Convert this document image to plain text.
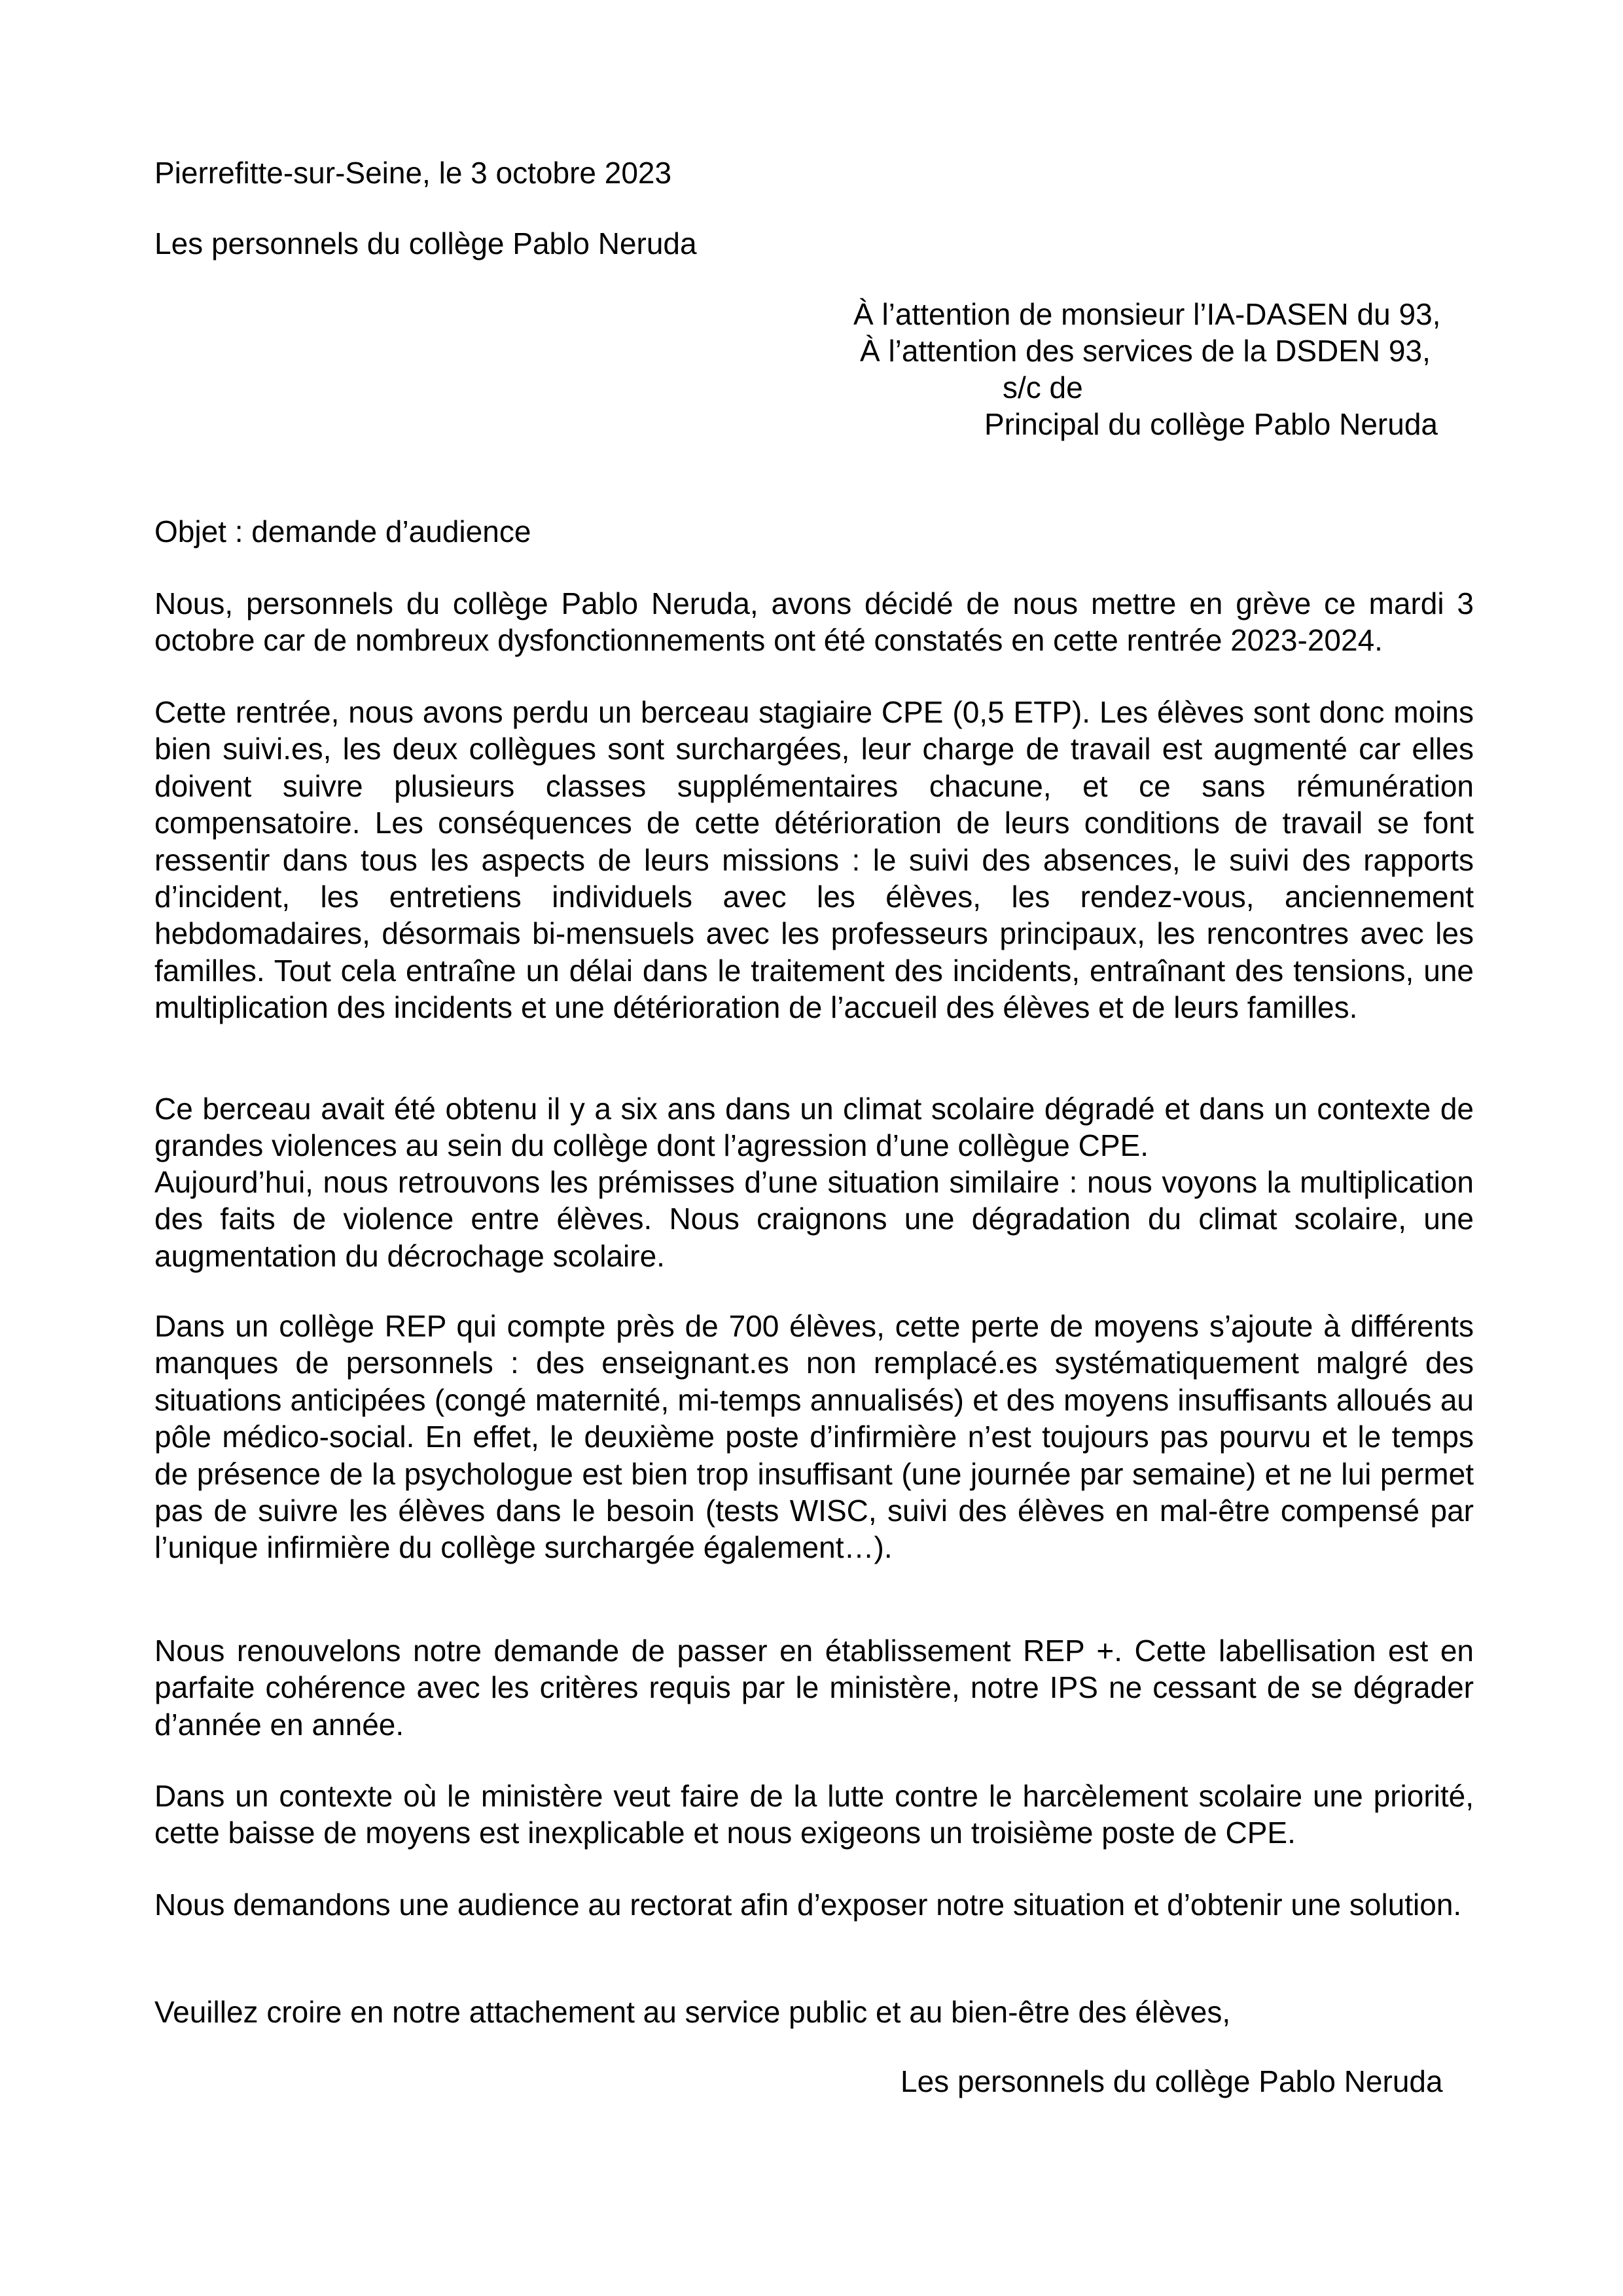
Pierrefitte-sur-Seine, le 3 octobre 2023

Les personnels du collège Pablo Neruda

À l’attention de monsieur l’IA-DASEN du 93,
À l’attention des services de la DSDEN 93,
s/c de
Principal du collège Pablo Neruda

Objet : demande d’audience

Nous, personnels du collège Pablo Neruda, avons décidé de nous mettre en grève ce mardi 3 octobre car de nombreux dysfonctionnements ont été constatés en cette rentrée 2023-2024.

Cette rentrée, nous avons perdu un berceau stagiaire CPE (0,5 ETP). Les élèves sont donc moins bien suivi.es, les deux collègues sont surchargées, leur charge de travail est augmenté car elles doivent suivre plusieurs classes supplémentaires chacune, et ce sans rémunération compensatoire. Les conséquences de cette détérioration de leurs conditions de travail se font ressentir dans tous les aspects de leurs missions : le suivi des absences, le suivi des rapports d’incident, les entretiens individuels avec les élèves, les rendez-vous, anciennement hebdomadaires, désormais bi-mensuels avec les professeurs principaux, les rencontres avec les familles. Tout cela entraîne un délai dans le traitement des incidents, entraînant des tensions, une multiplication des incidents et une détérioration de l’accueil des élèves et de leurs familles.

Ce berceau avait été obtenu il y a six ans dans un climat scolaire dégradé et dans un contexte de grandes violences au sein du collège dont l’agression d’une collègue CPE.

Aujourd’hui, nous retrouvons les prémisses d’une situation similaire : nous voyons la multiplication des faits de violence entre élèves. Nous craignons une dégradation du climat scolaire, une augmentation du décrochage scolaire.

Dans un collège REP qui compte près de 700 élèves, cette perte de moyens s’ajoute à différents manques de personnels : des enseignant.es non remplacé.es systématiquement malgré des situations anticipées (congé maternité, mi-temps annualisés) et des moyens insuffisants alloués au pôle médico-social. En effet, le deuxième poste d’infirmière n’est toujours pas pourvu et le temps de présence de la psychologue est bien trop insuffisant (une journée par semaine) et ne lui permet pas de suivre les élèves dans le besoin (tests WISC, suivi des élèves en mal-être compensé par l’unique infirmière du collège surchargée également…).

Nous renouvelons notre demande de passer en établissement REP +. Cette labellisation est en parfaite cohérence avec les critères requis par le ministère, notre IPS ne cessant de se dégrader d’année en année.

Dans un contexte où le ministère veut faire de la lutte contre le harcèlement scolaire une priorité, cette baisse de moyens est inexplicable et nous exigeons un troisième poste de CPE.

Nous demandons une audience au rectorat afin d’exposer notre situation et d’obtenir une solution.

Veuillez croire en notre attachement au service public et au bien-être des élèves,

Les personnels du collège Pablo Neruda
